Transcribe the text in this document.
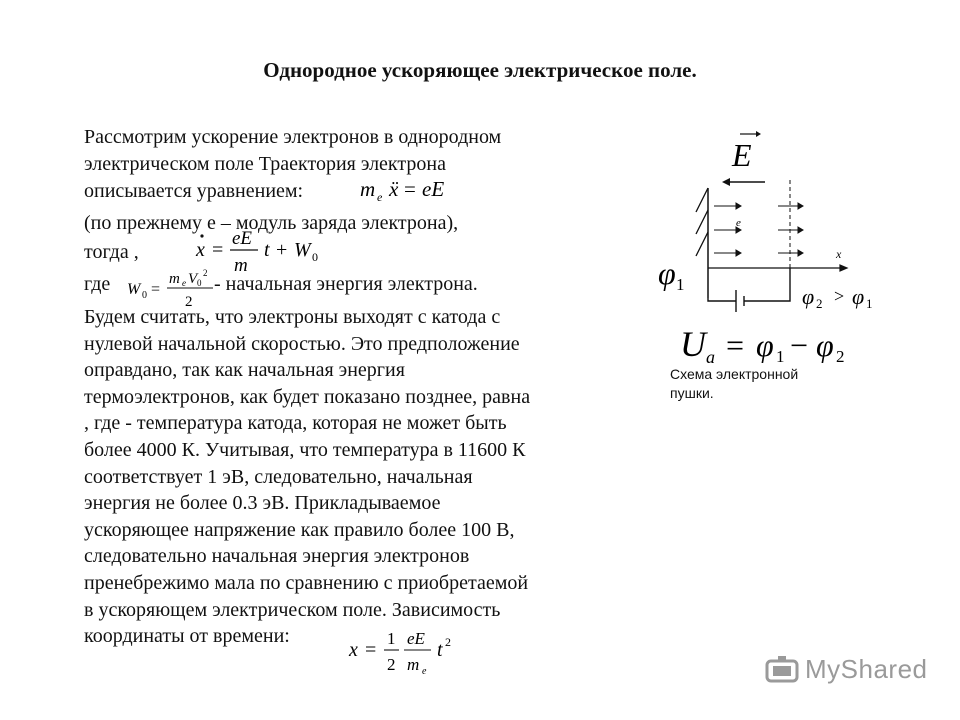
Однородное ускоряющее электрическое поле.
Рассмотрим ускорение электронов в однородном
электрическом поле Траектория электрона
описывается уравнением:	m e ẍ = eE
(по прежнему e – модуль заряда электрона),
тогда ,	x =
eE
m
t + W 0
где W 0 =
m e V 0
2
2
- начальная энергия электрона.
Будем считать, что электроны выходят с катода с
нулевой начальной скоростью. Это предположение
оправдано, так как начальная энергия
термоэлектронов, как будет показано позднее, равна
, где - температура катода, которая не может быть
более 4000 К. Учитывая, что температура в 11600 К
соответствует 1 эВ, следовательно, начальная
энергия не более 0.3 эВ. Прикладываемое
ускоряющее напряжение как правило более 100 В,
следовательно начальная энергия электронов
пренебрежимо мала по сравнению с приобретаемой
в ускоряющем электрическом поле. Зависимость
координаты от времени:
x =
1
2
eE
m e
t 2
E
e
x
φ 1	φ 2 > φ 1
U a = φ 1 − φ 2
Схема электронной
пушки.
MyShared
